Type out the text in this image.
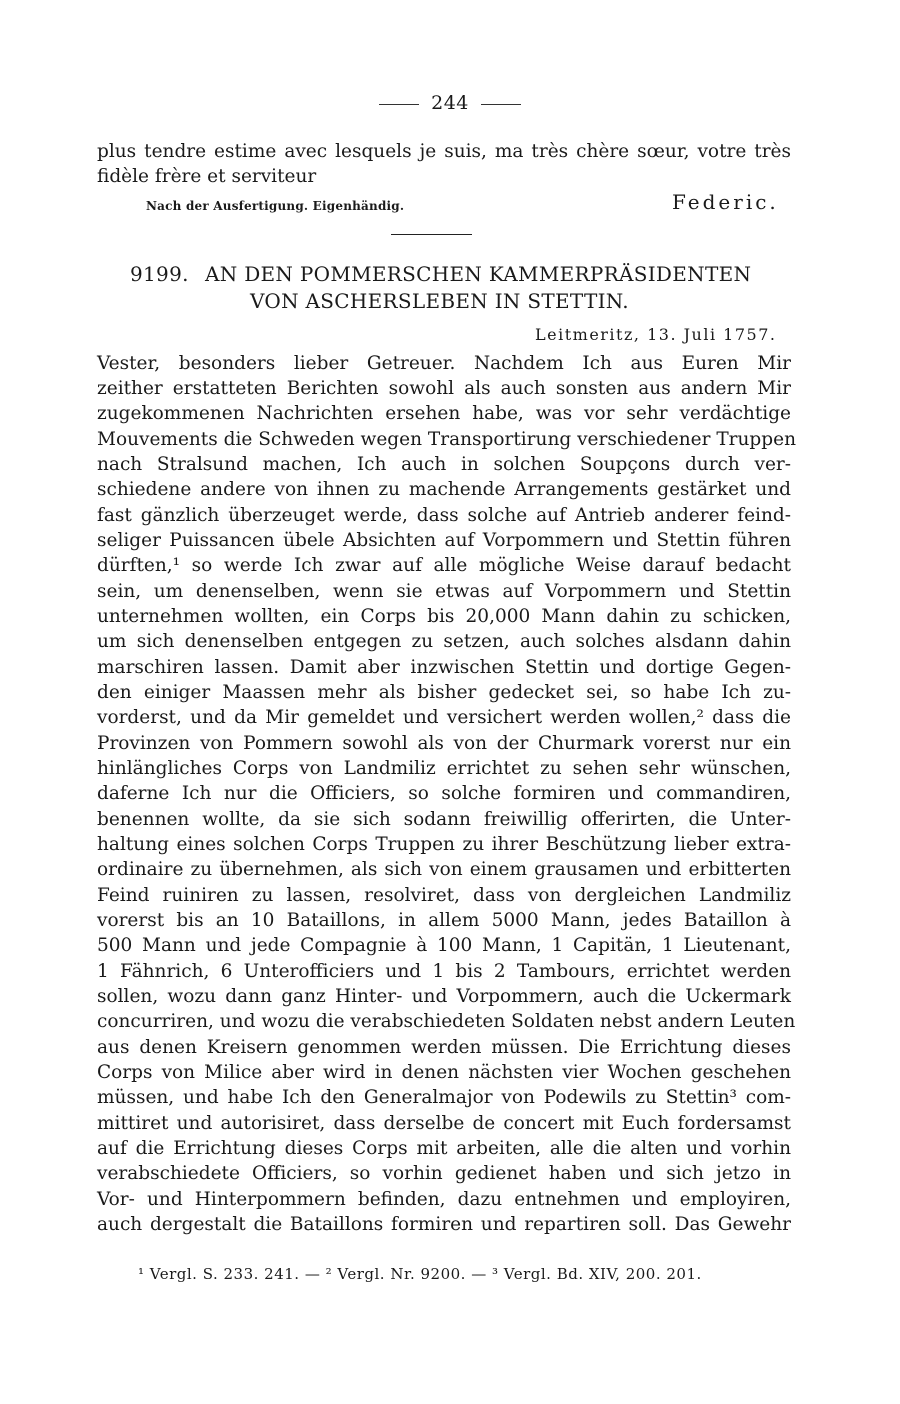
244
plus tendre estime avec lesquels je suis, ma très chère sœur, votre très
fidèle frère et serviteur
Nach der Ausfertigung. Eigenhändig.	Federic.
9199. AN DEN POMMERSCHEN KAMMERPRÄSIDENTEN
VON ASCHERSLEBEN IN STETTIN.
Leitmeritz, 13. Juli 1757.
Vester, besonders lieber Getreuer. Nachdem Ich aus Euren Mir
zeither erstatteten Berichten sowohl als auch sonsten aus andern Mir
zugekommenen Nachrichten ersehen habe, was vor sehr verdächtige
Mouvements die Schweden wegen Transportirung verschiedener Truppen
nach Stralsund machen, Ich auch in solchen Soupçons durch ver-
schiedene andere von ihnen zu machende Arrangements gestärket und
fast gänzlich überzeuget werde, dass solche auf Antrieb anderer feind-
seliger Puissancen übele Absichten auf Vorpommern und Stettin führen
dürften,¹ so werde Ich zwar auf alle mögliche Weise darauf bedacht
sein, um denenselben, wenn sie etwas auf Vorpommern und Stettin
unternehmen wollten, ein Corps bis 20,000 Mann dahin zu schicken,
um sich denenselben entgegen zu setzen, auch solches alsdann dahin
marschiren lassen. Damit aber inzwischen Stettin und dortige Gegen-
den einiger Maassen mehr als bisher gedecket sei, so habe Ich zu-
vorderst, und da Mir gemeldet und versichert werden wollen,² dass die
Provinzen von Pommern sowohl als von der Churmark vorerst nur ein
hinlängliches Corps von Landmiliz errichtet zu sehen sehr wünschen,
daferne Ich nur die Officiers, so solche formiren und commandiren,
benennen wollte, da sie sich sodann freiwillig offerirten, die Unter-
haltung eines solchen Corps Truppen zu ihrer Beschützung lieber extra-
ordinaire zu übernehmen, als sich von einem grausamen und erbitterten
Feind ruiniren zu lassen, resolviret, dass von dergleichen Landmiliz
vorerst bis an 10 Bataillons, in allem 5000 Mann, jedes Bataillon à
500 Mann und jede Compagnie à 100 Mann, 1 Capitän, 1 Lieutenant,
1 Fähnrich, 6 Unterofficiers und 1 bis 2 Tambours, errichtet werden
sollen, wozu dann ganz Hinter- und Vorpommern, auch die Uckermark
concurriren, und wozu die verabschiedeten Soldaten nebst andern Leuten
aus denen Kreisern genommen werden müssen. Die Errichtung dieses
Corps von Milice aber wird in denen nächsten vier Wochen geschehen
müssen, und habe Ich den Generalmajor von Podewils zu Stettin³ com-
mittiret und autorisiret, dass derselbe de concert mit Euch fordersamst
auf die Errichtung dieses Corps mit arbeiten, alle die alten und vorhin
verabschiedete Officiers, so vorhin gedienet haben und sich jetzo in
Vor- und Hinterpommern befinden, dazu entnehmen und employiren,
auch dergestalt die Bataillons formiren und repartiren soll. Das Gewehr
¹ Vergl. S. 233. 241. — ² Vergl. Nr. 9200. — ³ Vergl. Bd. XIV, 200. 201.
